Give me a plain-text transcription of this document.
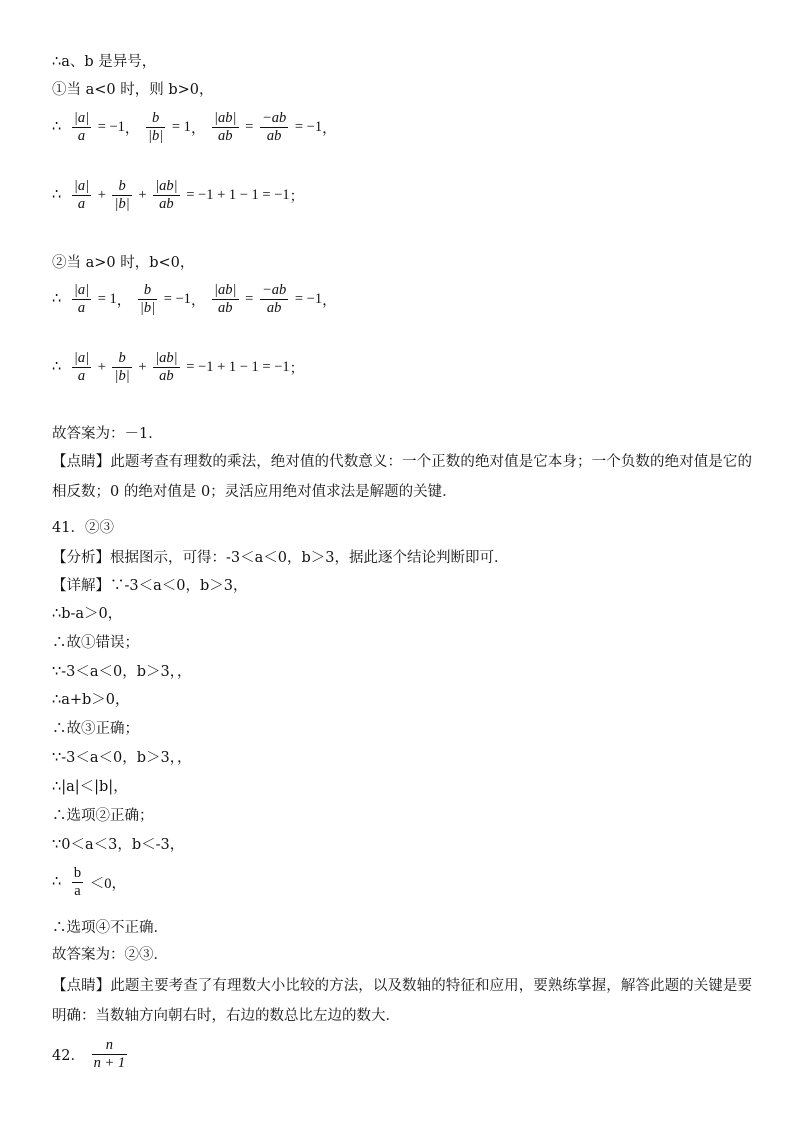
∴a、b 是异号，
①当 a<0 时，则 b>0，
∴ $\frac{|a|}{a} = -1$， $\frac{b}{|b|} = 1$， $\frac{|ab|}{ab} = \frac{-ab}{ab} = -1$，
∴ $\frac{|a|}{a} + \frac{b}{|b|} + \frac{|ab|}{ab} = -1 + 1 - 1 = -1$；
②当 a>0 时，b<0，
∴ $\frac{|a|}{a} = 1$， $\frac{b}{|b|} = -1$， $\frac{|ab|}{ab} = \frac{-ab}{ab} = -1$，
∴ $\frac{|a|}{a} + \frac{b}{|b|} + \frac{|ab|}{ab} = -1 + 1 - 1 = -1$；
故答案为：－1．
【点睛】此题考查有理数的乘法，绝对值的代数意义：一个正数的绝对值是它本身；一个负数的绝对值是它的相反数；0 的绝对值是 0；灵活应用绝对值求法是解题的关键．
41．②③
【分析】根据图示，可得：-3＜a＜0，b＞3，据此逐个结论判断即可．
【详解】∵-3＜a＜0，b＞3，
∴b-a＞0，
∴故①错误；
∵-3＜a＜0，b＞3，，
∴a+b＞0，
∴故③正确；
∵-3＜a＜0，b＞3，，
∴|a|＜|b|，
∴选项②正确；
∵0＜a＜3，b＜-3，
∴ $\frac{b}{a} <0$，
∴选项④不正确．
故答案为：②③．
【点睛】此题主要考查了有理数大小比较的方法，以及数轴的特征和应用，要熟练掌握，解答此题的关键是要明确：当数轴方向朝右时，右边的数总比左边的数大．
42． $\frac{n}{n + 1}$
